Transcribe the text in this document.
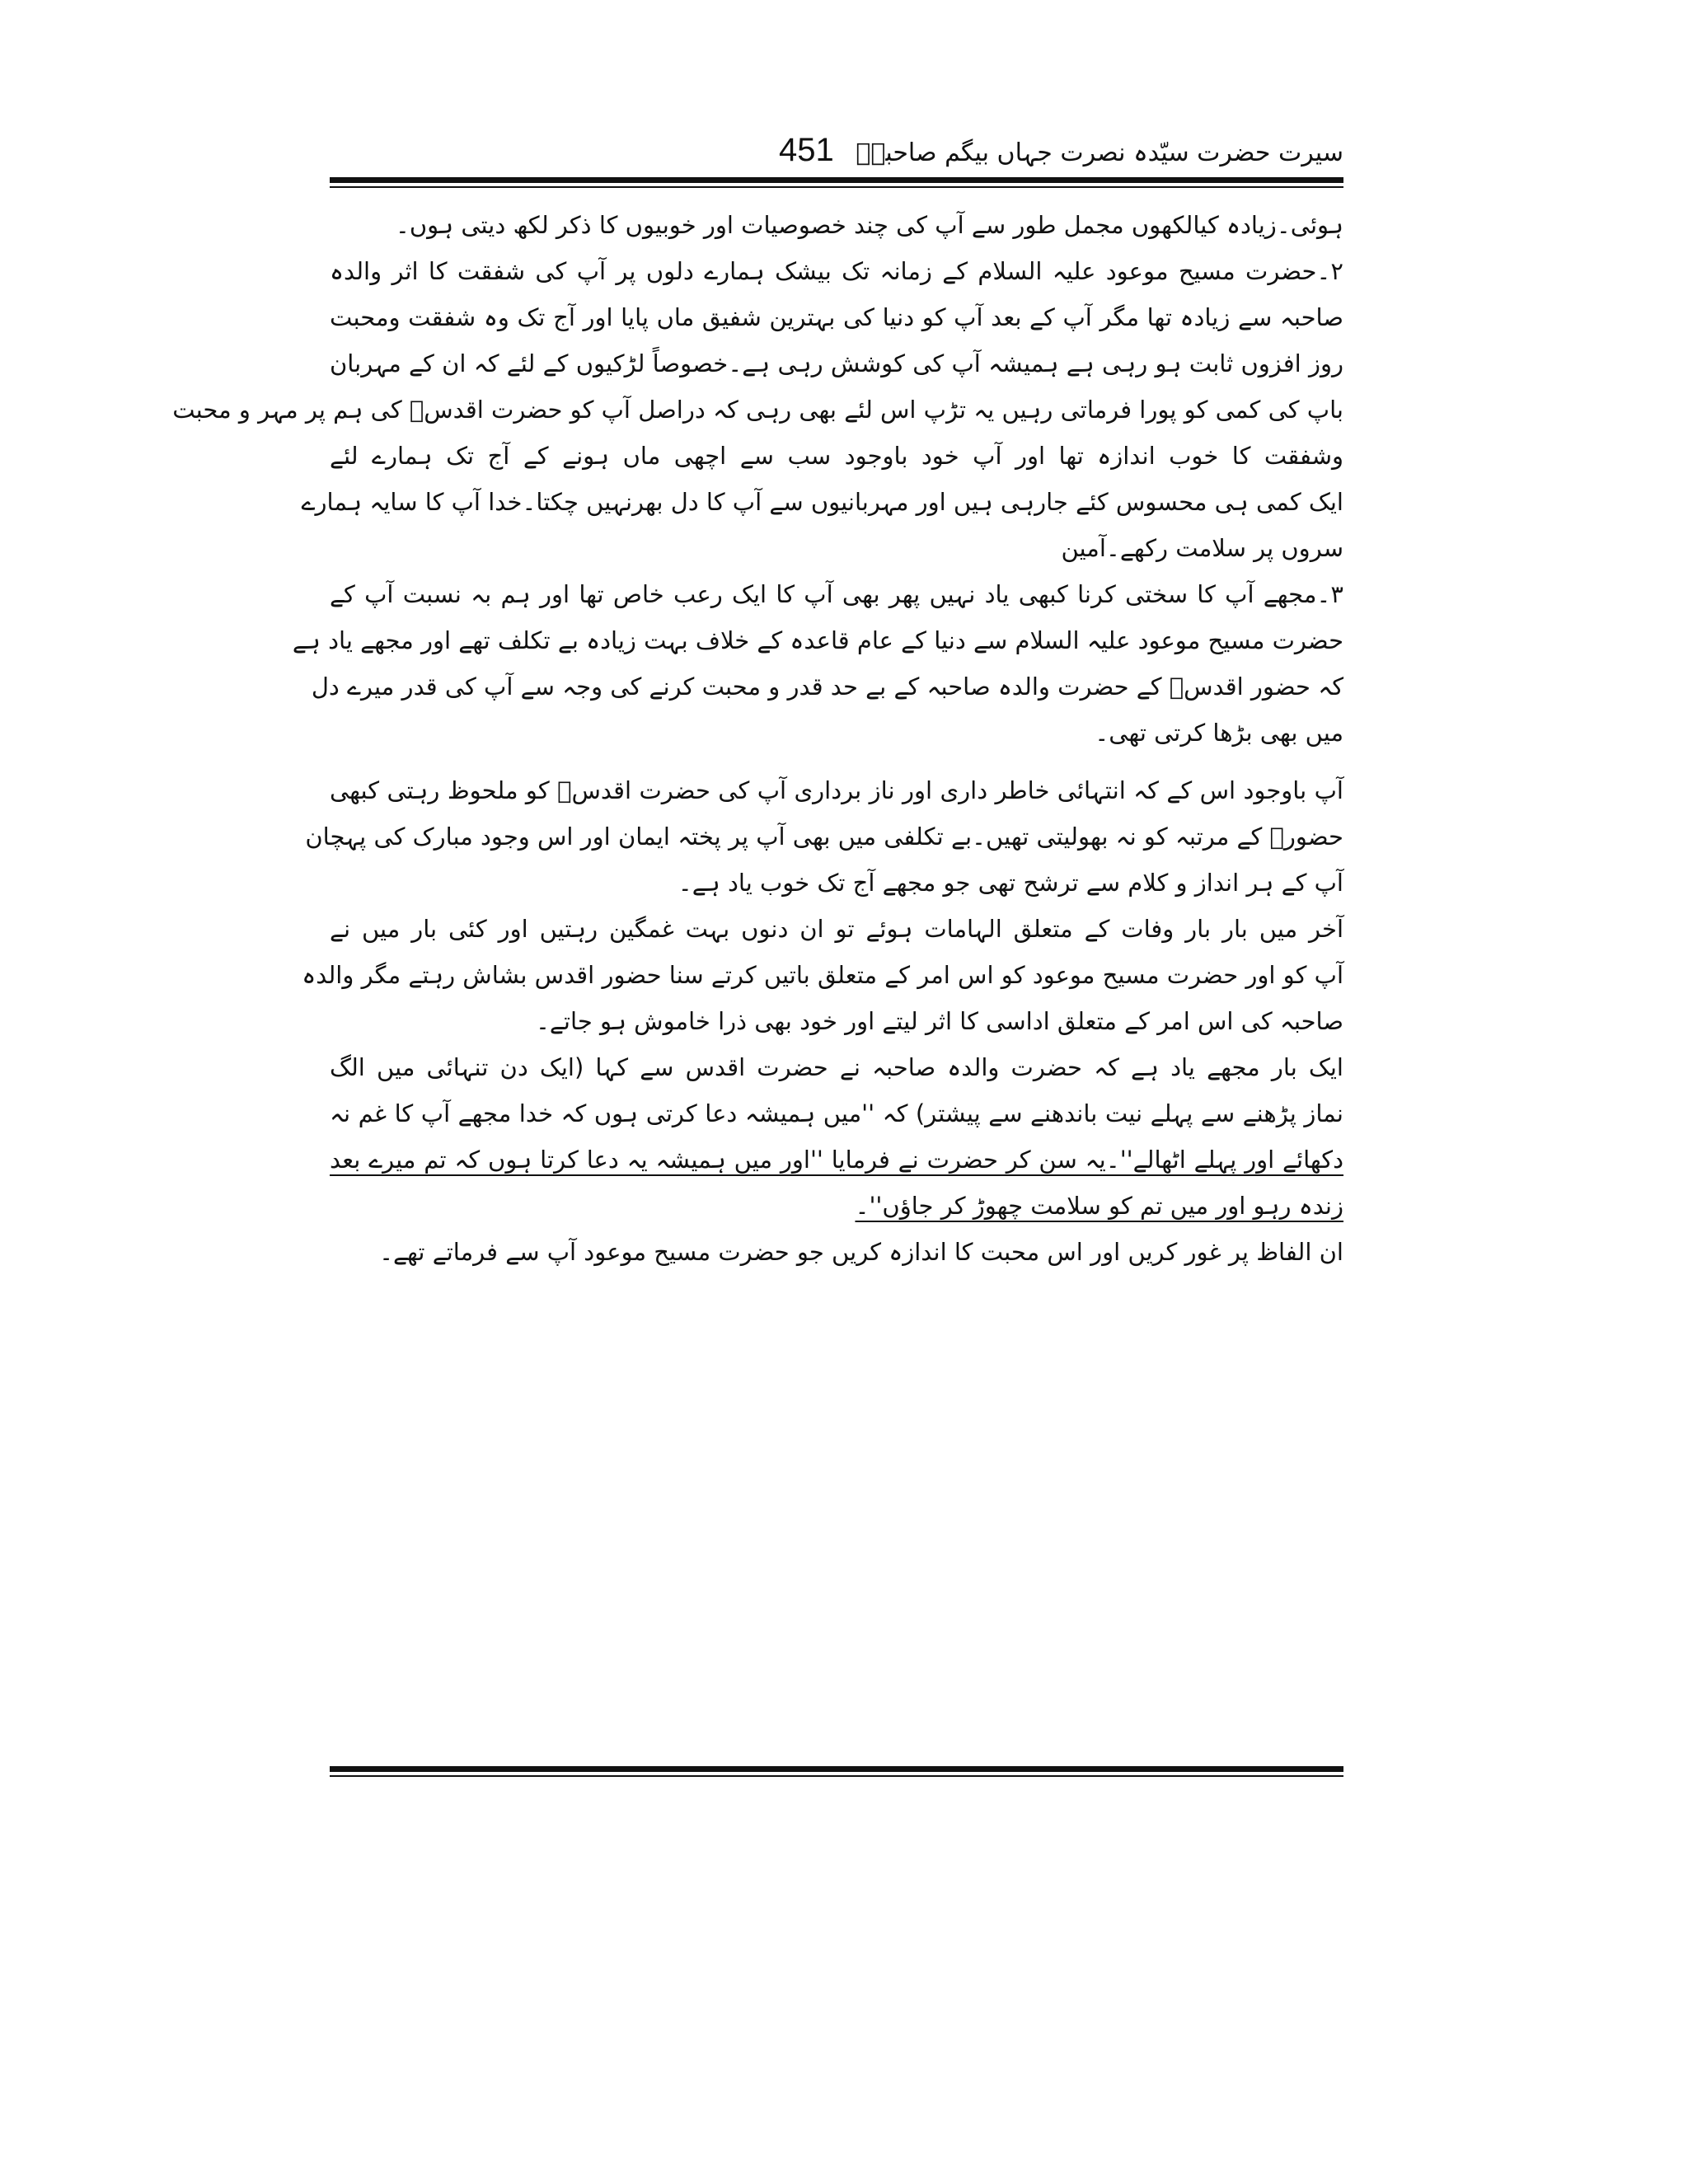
سیرت حضرت سیّدہ نصرت جہاں بیگم صاحبہؓ
451
ہوئی۔زیادہ کیالکھوں مجمل طور سے آپ کی چند خصوصیات اور خوبیوں کا ذکر لکھ دیتی ہوں۔
۲۔حضرت مسیح موعود علیہ السلام کے زمانہ تک بیشک ہمارے دلوں پر آپ کی شفقت کا اثر والدہ
صاحبہ سے زیادہ تھا مگر آپ کے بعد آپ کو دنیا کی بہترین شفیق ماں پایا اور آج تک وہ شفقت ومحبت
روز افزوں ثابت ہو رہی ہے ہمیشہ آپ کی کوشش رہی ہے۔خصوصاً لڑکیوں کے لئے کہ ان کے مہربان
باپ کی کمی کو پورا فرماتی رہیں یہ تڑپ اس لئے بھی رہی کہ دراصل آپ کو حضرت اقدسؑ کی ہم پر مہر و محبت
وشفقت کا خوب اندازہ تھا اور آپ خود باوجود سب سے اچھی ماں ہونے کے آج تک ہمارے لئے
ایک کمی ہی محسوس کئے جارہی ہیں اور مہربانیوں سے آپ کا دل بھرنہیں چکتا۔خدا آپ کا سایہ ہمارے
سروں پر سلامت رکھے۔آمین
۳۔مجھے آپ کا سختی کرنا کبھی یاد نہیں پھر بھی آپ کا ایک رعب خاص تھا اور ہم بہ نسبت آپ کے
حضرت مسیح موعود علیہ السلام سے دنیا کے عام قاعدہ کے خلاف بہت زیادہ بے تکلف تھے اور مجھے یاد ہے
کہ حضور اقدسؑ کے حضرت والدہ صاحبہ کے بے حد قدر و محبت کرنے کی وجہ سے آپ کی قدر میرے دل
میں بھی بڑھا کرتی تھی۔
آپ باوجود اس کے کہ انتہائی خاطر داری اور ناز برداری آپ کی حضرت اقدسؑ کو ملحوظ رہتی کبھی
حضورؑ کے مرتبہ کو نہ بھولیتی تھیں۔بے تکلفی میں بھی آپ پر پختہ ایمان اور اس وجود مبارک کی پہچان
آپ کے ہر انداز و کلام سے ترشح تھی جو مجھے آج تک خوب یاد ہے۔
آخر میں بار بار وفات کے متعلق الہامات ہوئے تو ان دنوں بہت غمگین رہتیں اور کئی بار میں نے
آپ کو اور حضرت مسیح موعود کو اس امر کے متعلق باتیں کرتے سنا حضور اقدس بشاش رہتے مگر والدہ
صاحبہ کی اس امر کے متعلق اداسی کا اثر لیتے اور خود بھی ذرا خاموش ہو جاتے۔
ایک بار مجھے یاد ہے کہ حضرت والدہ صاحبہ نے حضرت اقدس سے کہا (ایک دن تنہائی میں الگ
نماز پڑھنے سے پہلے نیت باندھنے سے پیشتر) کہ ''میں ہمیشہ دعا کرتی ہوں کہ خدا مجھے آپ کا غم نہ
دکھائے اور پہلے اٹھالے''۔یہ سن کر حضرت نے فرمایا ''اور میں ہمیشہ یہ دعا کرتا ہوں کہ تم میرے بعد
زندہ رہو اور میں تم کو سلامت چھوڑ کر جاؤں''۔
ان الفاظ پر غور کریں اور اس محبت کا اندازہ کریں جو حضرت مسیح موعود آپ سے فرماتے تھے۔
